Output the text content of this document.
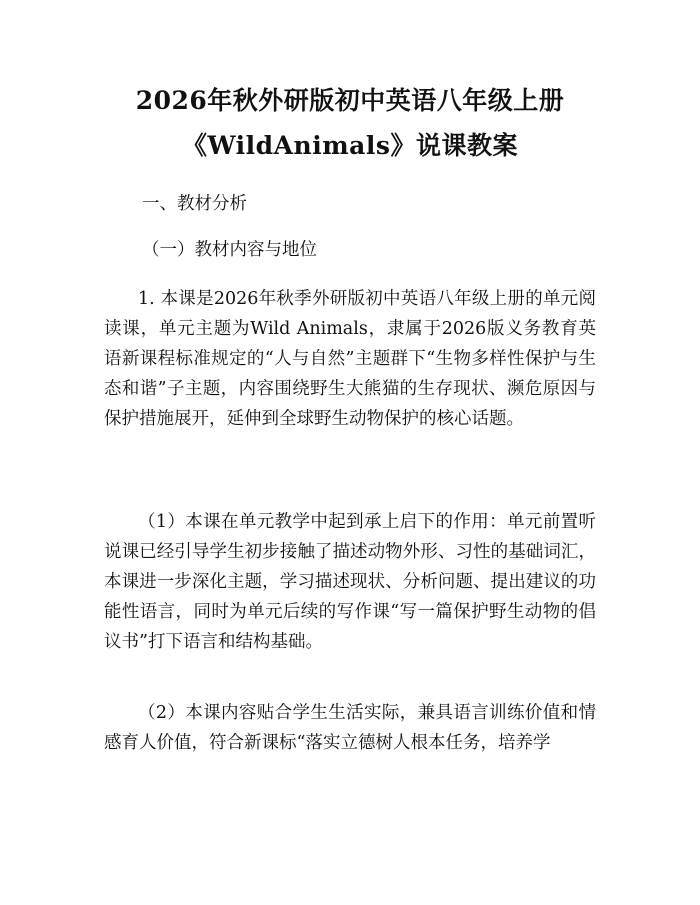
2026年秋外研版初中英语八年级上册
《WildAnimals》说课教案
一、教材分析
（一）教材内容与地位

1. 本课是2026年秋季外研版初中英语八年级上册的单元阅读课，单元主题为Wild Animals，隶属于2026版义务教育英语新课程标准规定的“人与自然”主题群下“生物多样性保护与生态和谐”子主题，内容围绕野生大熊猫的生存现状、濒危原因与保护措施展开，延伸到全球野生动物保护的核心话题。

（1）本课在单元教学中起到承上启下的作用：单元前置听说课已经引导学生初步接触了描述动物外形、习性的基础词汇，本课进一步深化主题，学习描述现状、分析问题、提出建议的功能性语言，同时为单元后续的写作课“写一篇保护野生动物的倡议书”打下语言和结构基础。

（2）本课内容贴合学生生活实际，兼具语言训练价值和情感育人价值，符合新课标“落实立德树人根本任务，培养学
